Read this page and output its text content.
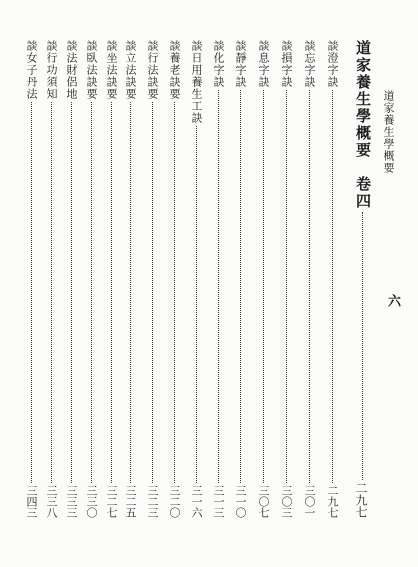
道家養生學概要
六
道家養生學概要　卷四
二九七
談澄字訣
二九七
談忘字訣
三〇一
談損字訣
三〇三
談息字訣
三〇七
談靜字訣
三一〇
談化字訣
三一三
談日用養生工訣
三一六
談養老訣要
三二〇
談行法訣要
三二三
談立法訣要
三二五
談坐法訣要
三二七
談臥法訣要
三三〇
談法財侶地
三三三
談行功須知
三三八
談女子丹法
三四三
